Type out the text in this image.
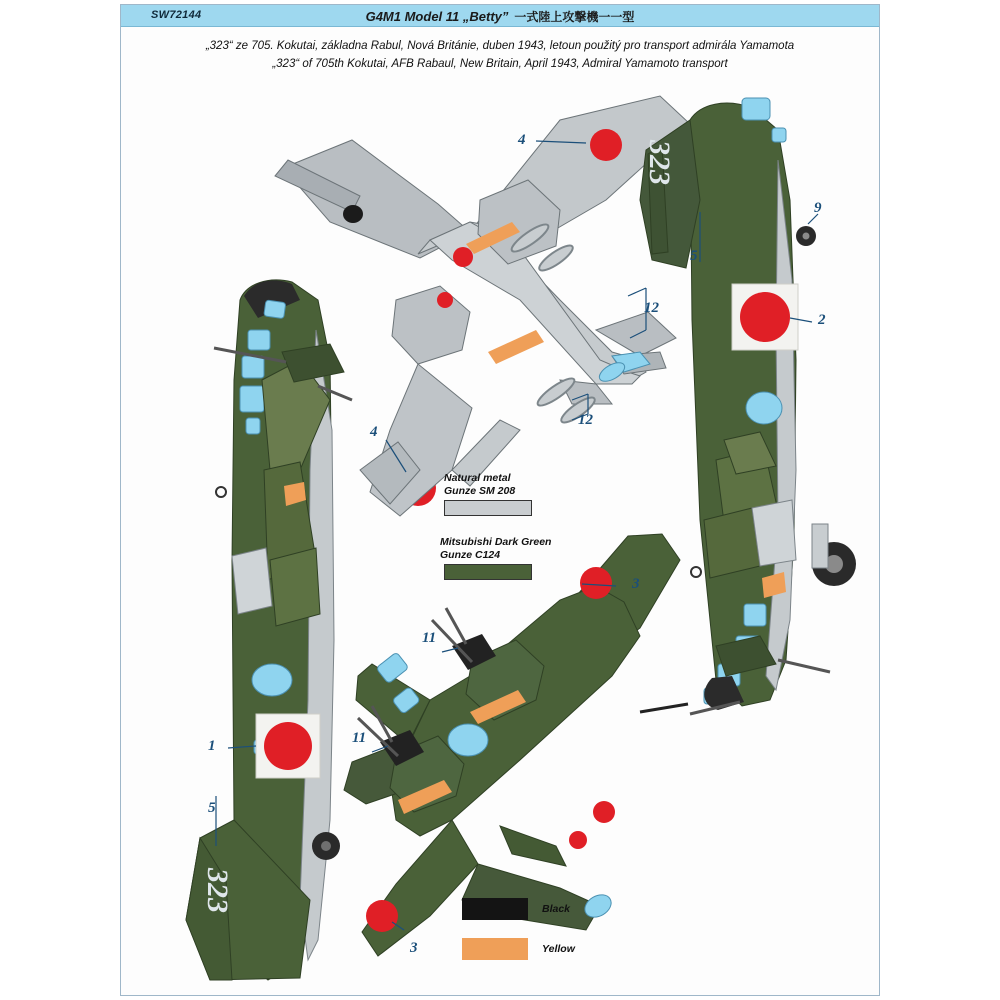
SW72144	G4M1 Model 11 „Betty” 一式陸上攻撃機一一型
„323“ ze 705. Kokutai, základna Rabul, Nová Británie, duben 1943, letoun použitý pro transport admirála Yamamota
„323“ of 705th Kokutai, AFB Rabaul, New Britain, April 1943, Admiral Yamamoto transport
Natural metal
Gunze SM 208
Mitsubishi Dark Green
Gunze C124
Black
Yellow
323
323
4
4
12
12
9
5
2
1
5
3
3
11
11
